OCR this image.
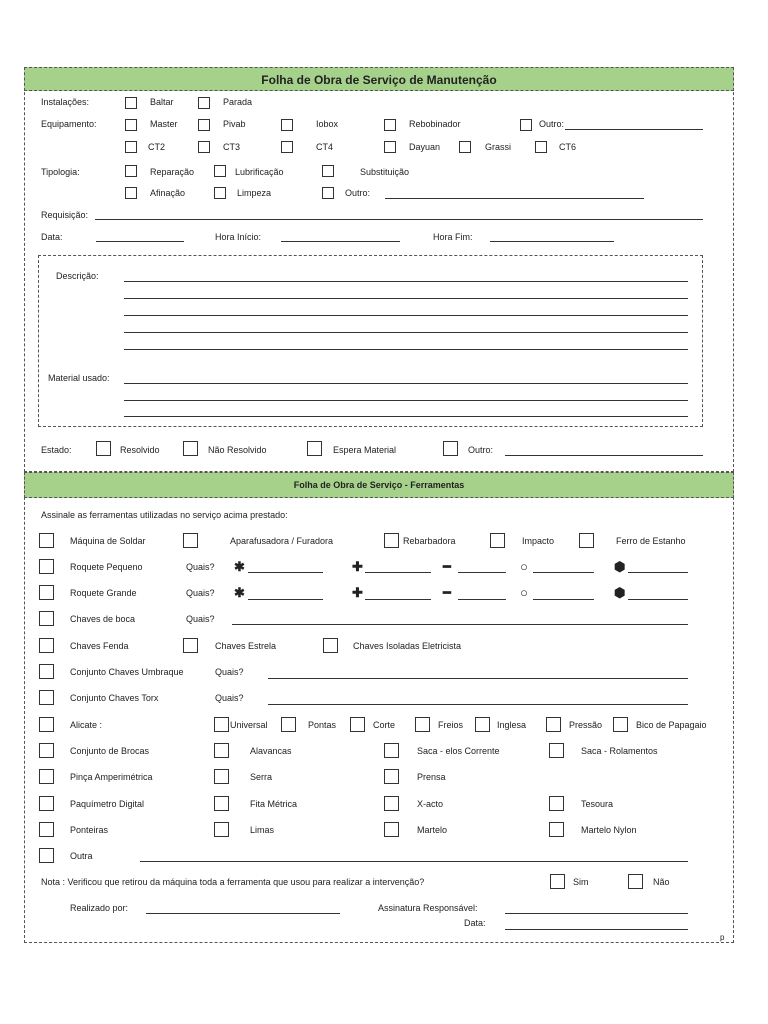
Folha de Obra de Serviço de Manutenção
Instalações:	Baltar	Parada
Equipamento:	Master	Pivab	Iobox	Rebobinador	Outro:
CT2	CT3	CT4	Dayuan	Grassi	CT6
Tipologia:	Reparação	Lubrificação	Substituição
Afinação	Limpeza	Outro:
Requisição:
Data:	Hora Início:	Hora Fim:
Descrição:
Material usado:
Estado:	Resolvido	Não Resolvido	Espera Material	Outro:
Folha de Obra de Serviço - Ferramentas
Assinale as ferramentas utilizadas no serviço acima prestado:
Máquina de Soldar	Aparafusadora / Furadora	Rebarbadora	Impacto	Ferro de Estanho
Roquete Pequeno	Quais? ✱	✚	━	○	⬢
Roquete Grande	Quais? ✱	✚	━	○	⬢
Chaves de boca	Quais?
Chaves Fenda	Chaves Estrela	Chaves Isoladas Eletricista
Conjunto Chaves Umbraque	Quais?
Conjunto Chaves Torx	Quais?
Alicate :	Universal	Pontas	Corte	Freios	Inglesa	Pressão	Bico de Papagaio
Conjunto de Brocas	Alavancas	Saca - elos Corrente	Saca - Rolamentos
Pinça Amperimétrica	Serra	Prensa
Paquímetro Digital	Fita Métrica	X-acto	Tesoura
Ponteiras	Limas	Martelo	Martelo Nylon
Outra
Nota : Verificou que retirou da máquina toda a ferramenta que usou para realizar a intervenção?	Sim	Não
Realizado por:	Assinatura Responsável:
Data:
p
